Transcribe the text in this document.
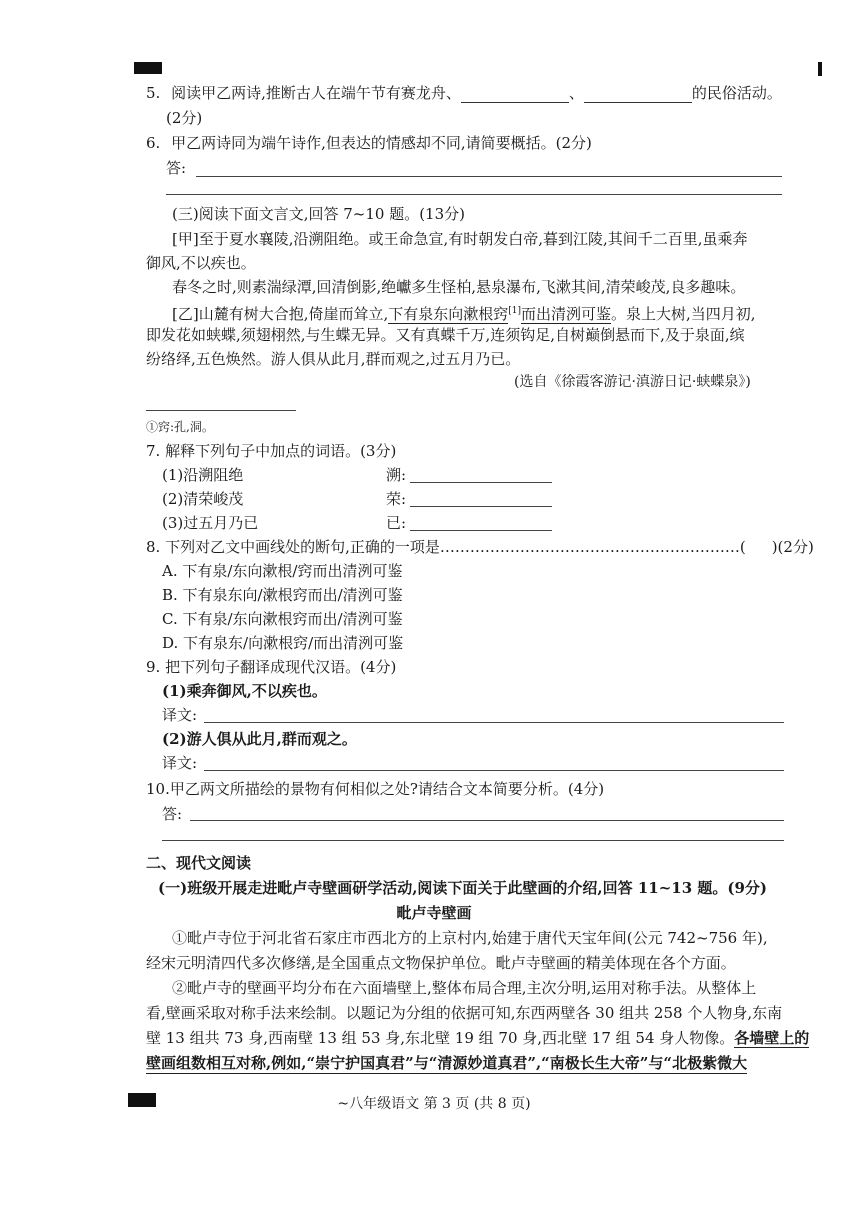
5. 阅读甲乙两诗,推断古人在端午节有赛龙舟、	、	的民俗活动。
(2分)
6. 甲乙两诗同为端午诗作,但表达的情感却不同,请简要概括。(2分)
答:
(三)阅读下面文言文,回答 7~10 题。(13分)
[甲]至于夏水襄陵,沿溯阻绝。或王命急宣,有时朝发白帝,暮到江陵,其间千二百里,虽乘奔
御风,不以疾也。
春冬之时,则素湍绿潭,回清倒影,绝巘多生怪柏,悬泉瀑布,飞漱其间,清荣峻茂,良多趣味。
[乙]山麓有树大合抱,倚崖而耸立,下有泉东向漱根窍[1]而出清洌可鉴。泉上大树,当四月初,
即发花如蛱蝶,须翅栩然,与生蝶无异。又有真蝶千万,连须钩足,自树巅倒悬而下,及于泉面,缤
纷络绎,五色焕然。游人俱从此月,群而观之,过五月乃已。
(选自《徐霞客游记·滇游日记·蛱蝶泉》)
①窍:孔,洞。
7. 解释下列句子中加点的词语。(3分)
(1)沿溯阻绝	溯:
(2)清荣峻茂	荣:
(3)过五月乃已	已:
8. 下列对乙文中画线处的断句,正确的一项是……………………………………………………( )(2分)
A. 下有泉/东向漱根/窍而出清洌可鉴
B. 下有泉东向/漱根窍而出/清洌可鉴
C. 下有泉/东向漱根窍而出/清洌可鉴
D. 下有泉东/向漱根窍/而出清洌可鉴
9. 把下列句子翻译成现代汉语。(4分)
(1)乘奔御风,不以疾也。
译文:
(2)游人俱从此月,群而观之。
译文:
10.甲乙两文所描绘的景物有何相似之处?请结合文本简要分析。(4分)
答:
二、现代文阅读
(一)班级开展走进毗卢寺壁画研学活动,阅读下面关于此壁画的介绍,回答 11~13 题。(9分)
毗卢寺壁画
①毗卢寺位于河北省石家庄市西北方的上京村内,始建于唐代天宝年间(公元 742~756 年),
经宋元明清四代多次修缮,是全国重点文物保护单位。毗卢寺壁画的精美体现在各个方面。
②毗卢寺的壁画平均分布在六面墙壁上,整体布局合理,主次分明,运用对称手法。从整体上
看,壁画采取对称手法来绘制。以题记为分组的依据可知,东西两壁各 30 组共 258 个人物身,东南
壁 13 组共 73 身,西南壁 13 组 53 身,东北壁 19 组 70 身,西北壁 17 组 54 身人物像。各墙壁上的
壁画组数相互对称,例如,“崇宁护国真君”与“清源妙道真君”,“南极长生大帝”与“北极紫微大
~八年级语文 第 3 页 (共 8 页)
